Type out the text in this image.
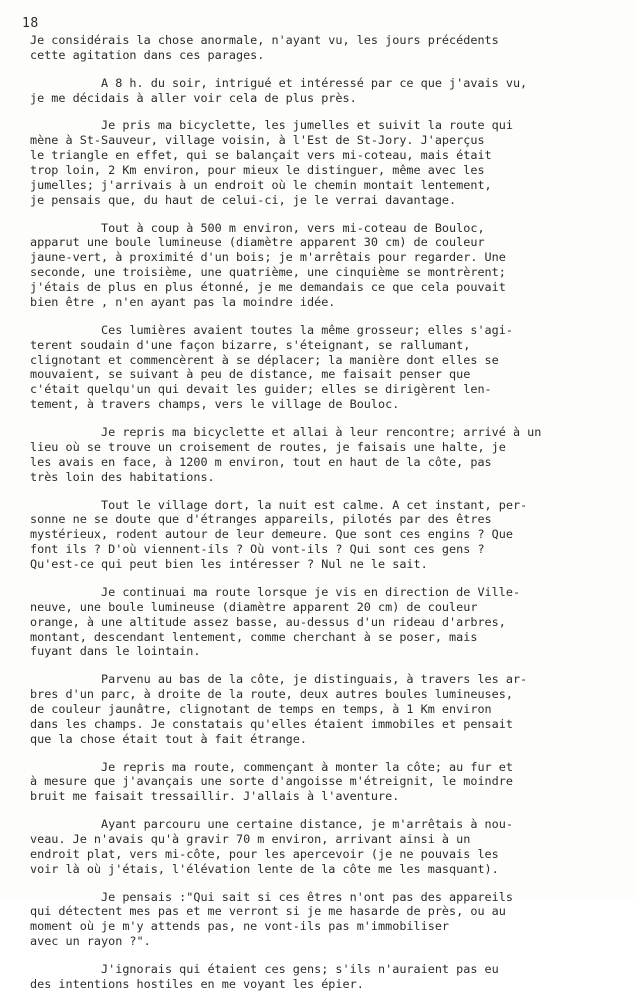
18
Je considérais la chose anormale, n'ayant vu, les jours précédents
cette agitation dans ces parages.
A 8 h. du soir, intrigué et intéressé par ce que j'avais vu,
je me décidais à aller voir cela de plus près.
Je pris ma bicyclette, les jumelles et suivit la route qui
mène à St-Sauveur, village voisin, à l'Est de St-Jory. J'aperçus
le triangle en effet, qui se balançait vers mi-coteau, mais était
trop loin, 2 Km environ, pour mieux le distinguer, même avec les
jumelles; j'arrivais à un endroit où le chemin montait lentement,
je pensais que, du haut de celui-ci, je le verrai davantage.
Tout à coup à 500 m environ, vers mi-coteau de Bouloc,
apparut une boule lumineuse (diamètre apparent 30 cm) de couleur
jaune-vert, à proximité d'un bois; je m'arrêtais pour regarder. Une
seconde, une troisième, une quatrième, une cinquième se montrèrent;
j'étais de plus en plus étonné, je me demandais ce que cela pouvait
bien être , n'en ayant pas la moindre idée.
Ces lumières avaient toutes la même grosseur; elles s'agi-
terent soudain d'une façon bizarre, s'éteignant, se rallumant,
clignotant et commencèrent à se déplacer; la manière dont elles se
mouvaient, se suivant à peu de distance, me faisait penser que
c'était quelqu'un qui devait les guider; elles se dirigèrent len-
tement, à travers champs, vers le village de Bouloc.
Je repris ma bicyclette et allai à leur rencontre; arrivé à un
lieu où se trouve un croisement de routes, je faisais une halte, je
les avais en face, à 1200 m environ, tout en haut de la côte, pas
très loin des habitations.
Tout le village dort, la nuit est calme. A cet instant, per-
sonne ne se doute que d'étranges appareils, pilotés par des êtres
mystérieux, rodent autour de leur demeure. Que sont ces engins ? Que
font ils ? D'où viennent-ils ? Où vont-ils ? Qui sont ces gens ?
Qu'est-ce qui peut bien les intéresser ? Nul ne le sait.
Je continuai ma route lorsque je vis en direction de Ville-
neuve, une boule lumineuse (diamètre apparent 20 cm) de couleur
orange, à une altitude assez basse, au-dessus d'un rideau d'arbres,
montant, descendant lentement, comme cherchant à se poser, mais
fuyant dans le lointain.
Parvenu au bas de la côte, je distinguais, à travers les ar-
bres d'un parc, à droite de la route, deux autres boules lumineuses,
de couleur jaunâtre, clignotant de temps en temps, à 1 Km environ
dans les champs. Je constatais qu'elles étaient immobiles et pensait
que la chose était tout à fait étrange.
Je repris ma route, commençant à monter la côte; au fur et
à mesure que j'avançais une sorte d'angoisse m'étreignit, le moindre
bruit me faisait tressaillir. J'allais à l'aventure.
Ayant parcouru une certaine distance, je m'arrêtais à nou-
veau. Je n'avais qu'à gravir 70 m environ, arrivant ainsi à un
endroit plat, vers mi-côte, pour les apercevoir (je ne pouvais les
voir là où j'étais, l'élévation lente de la côte me les masquant).
Je pensais :"Qui sait si ces êtres n'ont pas des appareils
qui détectent mes pas et me verront si je me hasarde de près, ou au
moment où je m'y attends pas, ne vont-ils pas m'immobiliser
avec un rayon ?".
J'ignorais qui étaient ces gens; s'ils n'auraient pas eu
des intentions hostiles en me voyant les épier.
